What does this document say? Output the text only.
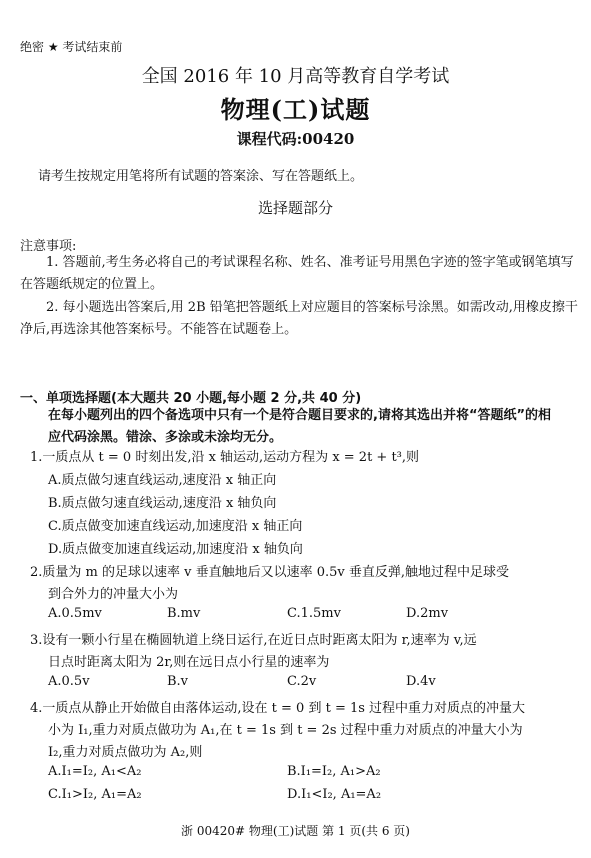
绝密 ★ 考试结束前
全国 2016 年 10 月高等教育自学考试
物理(工)试题
课程代码:00420
请考生按规定用笔将所有试题的答案涂、写在答题纸上。
选择题部分
注意事项:
1. 答题前,考生务必将自己的考试课程名称、姓名、准考证号用黑色字迹的签字笔或钢笔填写在答题纸规定的位置上。
2. 每小题选出答案后,用 2B 铅笔把答题纸上对应题目的答案标号涂黑。如需改动,用橡皮擦干净后,再选涂其他答案标号。不能答在试题卷上。
一、单项选择题(本大题共 20 小题,每小题 2 分,共 40 分)
在每小题列出的四个备选项中只有一个是符合题目要求的,请将其选出并将“答题纸”的相应代码涂黑。错涂、多涂或未涂均无分。
1.一质点从 t = 0 时刻出发,沿 x 轴运动,运动方程为 x = 2t + t³,则
A.质点做匀速直线运动,速度沿 x 轴正向
B.质点做匀速直线运动,速度沿 x 轴负向
C.质点做变加速直线运动,加速度沿 x 轴正向
D.质点做变加速直线运动,加速度沿 x 轴负向
2.质量为 m 的足球以速率 v 垂直触地后又以速率 0.5v 垂直反弹,触地过程中足球受
到合外力的冲量大小为
A.0.5mv	B.mv	C.1.5mv	D.2mv
3.设有一颗小行星在椭圆轨道上绕日运行,在近日点时距离太阳为 r,速率为 v,远
日点时距离太阳为 2r,则在远日点小行星的速率为
A.0.5v	B.v	C.2v	D.4v
4.一质点从静止开始做自由落体运动,设在 t = 0 到 t = 1s 过程中重力对质点的冲量大
小为 I₁,重力对质点做功为 A₁,在 t = 1s 到 t = 2s 过程中重力对质点的冲量大小为
I₂,重力对质点做功为 A₂,则
A.I₁=I₂, A₁<A₂	B.I₁=I₂, A₁>A₂
C.I₁>I₂, A₁=A₂	D.I₁<I₂, A₁=A₂
浙 00420# 物理(工)试题 第 1 页(共 6 页)
